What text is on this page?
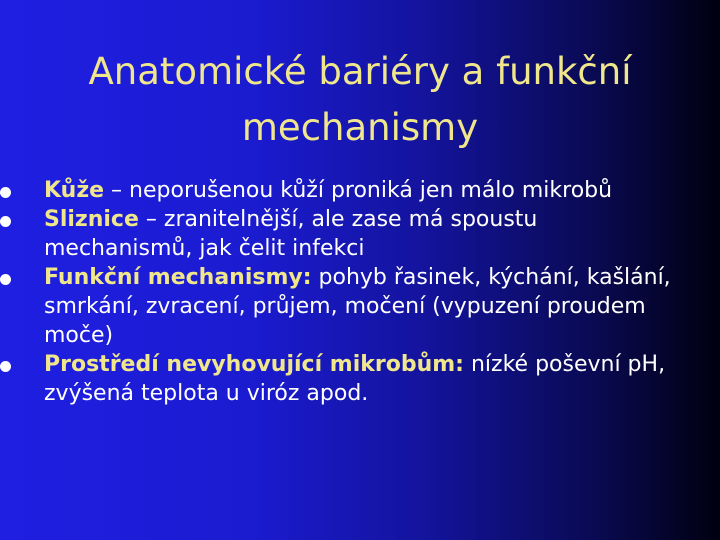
Anatomické bariéry a funkční mechanismy
Kůže – neporušenou kůží proniká jen málo mikrobů
Sliznice – zranitelnější, ale zase má spoustu mechanismů, jak čelit infekci
Funkční mechanismy: pohyb řasinek, kýchání, kašlání, smrkání, zvracení, průjem, močení (vypuzení proudem moče)
Prostředí nevyhovující mikrobům: nízké poševní pH, zvýšená teplota u viróz apod.
